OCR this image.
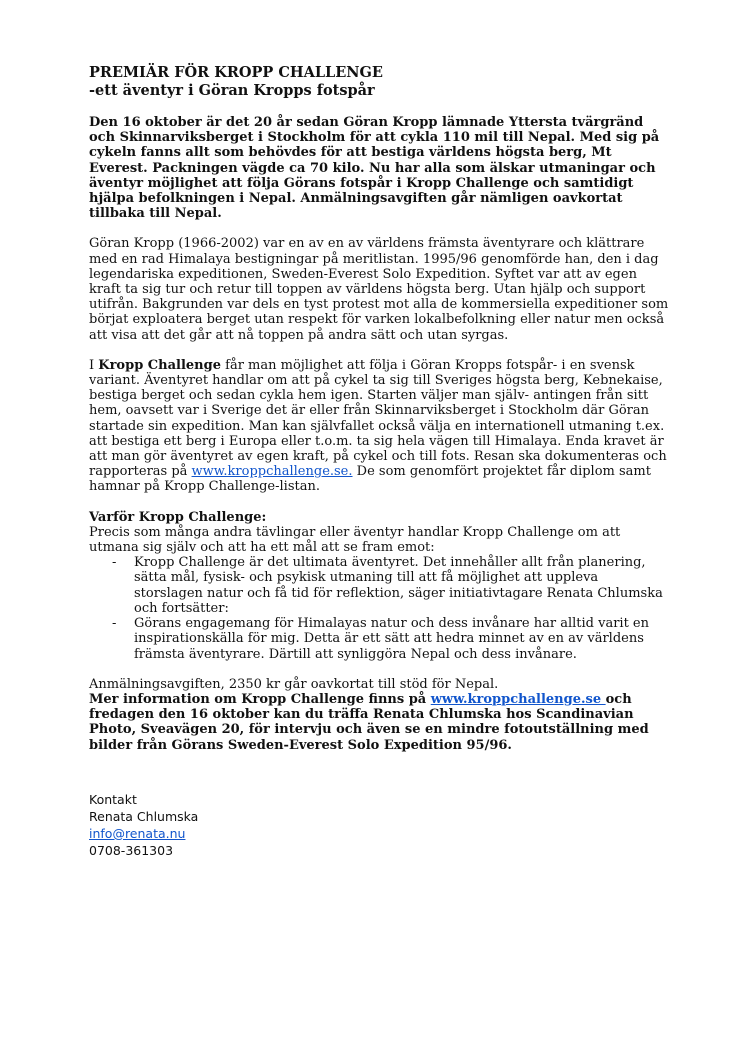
PREMIÄR FÖR KROPP CHALLENGE
-ett äventyr i Göran Kropps fotspår

Den 16 oktober är det 20 år sedan Göran Kropp lämnade Yttersta tvärgränd och Skinnarviksberget i Stockholm för att cykla 110 mil till Nepal. Med sig på cykeln fanns allt som behövdes för att bestiga världens högsta berg, Mt Everest. Packningen vägde ca 70 kilo. Nu har alla som älskar utmaningar och äventyr möjlighet att följa Görans fotspår i Kropp Challenge och samtidigt hjälpa befolkningen i Nepal. Anmälningsavgiften går nämligen oavkortat tillbaka till Nepal.

Göran Kropp (1966-2002) var en av en av världens främsta äventyrare och klättrare med en rad Himalaya bestigningar på meritlistan. 1995/96 genomförde han, den i dag legendariska expeditionen, Sweden-Everest Solo Expedition. Syftet var att av egen kraft ta sig tur och retur till toppen av världens högsta berg. Utan hjälp och support utifrån. Bakgrunden var dels en tyst protest mot alla de kommersiella expeditioner som börjat exploatera berget utan respekt för varken lokalbefolkning eller natur men också att visa att det går att nå toppen på andra sätt och utan syrgas.

I Kropp Challenge får man möjlighet att följa i Göran Kropps fotspår- i en svensk variant. Äventyret handlar om att på cykel ta sig till Sveriges högsta berg, Kebnekaise, bestiga berget och sedan cykla hem igen. Starten väljer man själv- antingen från sitt hem, oavsett var i Sverige det är eller från Skinnarviksberget i Stockholm där Göran startade sin expedition. Man kan självfallet också välja en internationell utmaning t.ex. att bestiga ett berg i Europa eller t.o.m. ta sig hela vägen till Himalaya. Enda kravet är att man gör äventyret av egen kraft, på cykel och till fots. Resan ska dokumenteras och rapporteras på www.kroppchallenge.se. De som genomfört projektet får diplom samt hamnar på Kropp Challenge-listan.

Varför Kropp Challenge:
Precis som många andra tävlingar eller äventyr handlar Kropp Challenge om att utmana sig själv och att ha ett mål att se fram emot:
- Kropp Challenge är det ultimata äventyret. Det innehåller allt från planering, sätta mål, fysisk- och psykisk utmaning till att få möjlighet att uppleva storslagen natur och få tid för reflektion, säger initiativtagare Renata Chlumska och fortsätter:
- Görans engagemang för Himalayas natur och dess invånare har alltid varit en inspirationskälla för mig. Detta är ett sätt att hedra minnet av en av världens främsta äventyrare. Därtill att synliggöra Nepal och dess invånare.
Anmälningsavgiften, 2350 kr går oavkortat till stöd för Nepal.
Mer information om Kropp Challenge finns på www.kroppchallenge.se och fredagen den 16 oktober kan du träffa Renata Chlumska hos Scandinavian Photo, Sveavägen 20, för intervju och även se en mindre fotoutställning med bilder från Görans Sweden-Everest Solo Expedition 95/96.
Kontakt
Renata Chlumska
info@renata.nu
0708-361303
